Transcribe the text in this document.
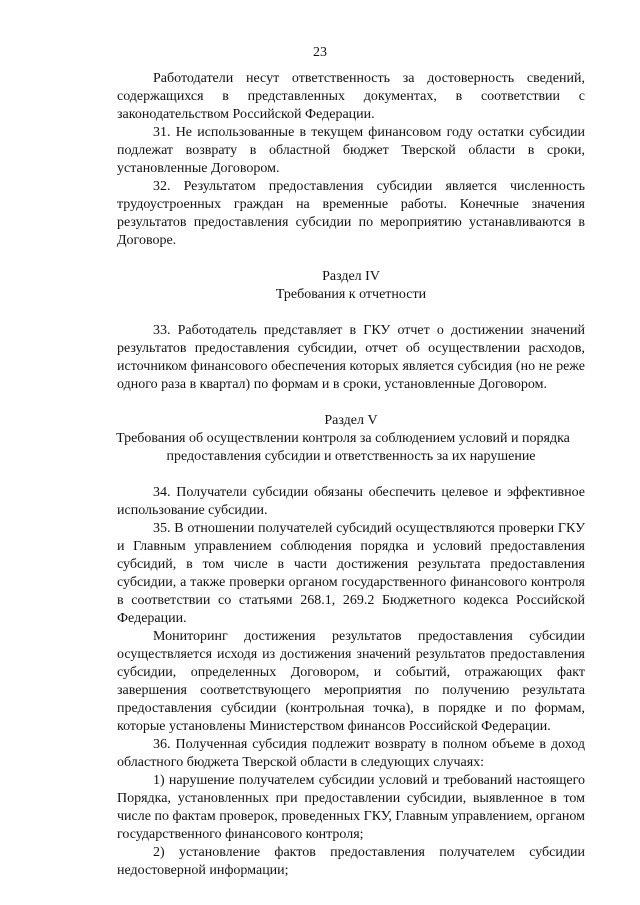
23

Работодатели несут ответственность за достоверность сведений, содержащихся в представленных документах, в соответствии с законодательством Российской Федерации.

31. Не использованные в текущем финансовом году остатки субсидии подлежат возврату в областной бюджет Тверской области в сроки, установленные Договором.

32. Результатом предоставления субсидии является численность трудоустроенных граждан на временные работы. Конечные значения результатов предоставления субсидии по мероприятию устанавливаются в Договоре.

Раздел IV

Требования к отчетности

33. Работодатель представляет в ГКУ отчет о достижении значений результатов предоставления субсидии, отчет об осуществлении расходов, источником финансового обеспечения которых является субсидия (но не реже одного раза в квартал) по формам и в сроки, установленные Договором.

Раздел V

Требования об осуществлении контроля за соблюдением условий и порядка

предоставления субсидии и ответственность за их нарушение

34. Получатели субсидии обязаны обеспечить целевое и эффективное использование субсидии.

35. В отношении получателей субсидий осуществляются проверки ГКУ и Главным управлением соблюдения порядка и условий предоставления субсидий, в том числе в части достижения результата предоставления субсидии, а также проверки органом государственного финансового контроля в соответствии со статьями 268.1, 269.2 Бюджетного кодекса Российской Федерации.

Мониторинг достижения результатов предоставления субсидии осуществляется исходя из достижения значений результатов предоставления субсидии, определенных Договором, и событий, отражающих факт завершения соответствующего мероприятия по получению результата предоставления субсидии (контрольная точка), в порядке и по формам, которые установлены Министерством финансов Российской Федерации.

36. Полученная субсидия подлежит возврату в полном объеме в доход областного бюджета Тверской области в следующих случаях:

1) нарушение получателем субсидии условий и требований настоящего Порядка, установленных при предоставлении субсидии, выявленное в том числе по фактам проверок, проведенных ГКУ, Главным управлением, органом государственного финансового контроля;

2) установление фактов предоставления получателем субсидии недостоверной информации;
